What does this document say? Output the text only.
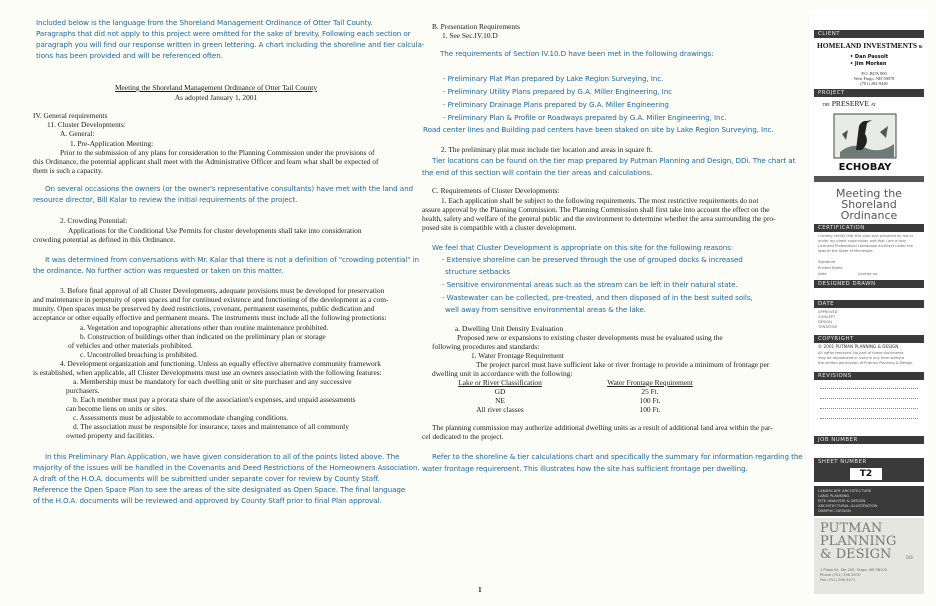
Included below is the language from the Shoreland Management Ordinance of Otter Tail County.
Paragraphs that did not apply to this project were omitted for the sake of brevity. Following each section or
paragraph you will find our response written in green lettering. A chart including the shoreline and tier calcula-
tions has been provided and will be referenced often.
Meeting the Shoreland Management Ordinance of Otter Tail County
As adopted January 1, 2001
IV. General requirements
11. Cluster Developments:
A. General:
1. Pre-Application Meeting:
Prior to the submission of any plans for consideration to the Planning Commission under the provisions of
this Ordinance, the potential applicant shall meet with the Administrative Officer and learn what shall be expected of
them is such a capacity.
On several occasions the owners (or the owner's representative consultants) have met with the land and
resource director, Bill Kalar to review the initial requirements of the project.
2. Crowding Potential:
Applications for the Conditional Use Permits for cluster developments shall take into consideration
crowding potential as defined in this Ordinance.
It was determined from conversations with Mr. Kalar that there is not a definition of "crowding potential" in
the ordinance. No further action was requested or taken on this matter.
3. Before final approval of all Cluster Developments, adequate provisions must be developed for preservation
and maintenance in perpetuity of open spaces and for continued existence and functioning of the development as a com-
munity. Open spaces must be preserved by deed restrictions, covenant, permanent easements, public dedication and
acceptance or other equally effective and permanent means. The instruments must include all the following protections:
a. Vegetation and topographic alterations other than routine maintenance prohibited.
b. Construction of buildings other than indicated on the preliminary plan or storage
of vehicles and other materials prohibited.
c. Uncontrolled breaching is prohibited.
4. Development organization and functioning. Unless an equally effective alternative community framework
is established, when applicable, all Cluster Developments must use an owners association with the following features:
a. Membership must be mandatory for each dwelling unit or site purchaser and any successive
purchasers.
b. Each member must pay a prorata share of the association's expenses, and unpaid assessments
can become liens on units or sites.
c. Assessments must be adjustable to accommodate changing conditions.
d. The association must be responsible for insurance, taxes and maintenance of all commonly
owned property and facilities.
In this Preliminary Plan Application, we have given consideration to all of the points listed above. The
majority of the issues will be handled in the Covenants and Deed Restrictions of the Homeowners Association.
A draft of the H.O.A. documents will be submitted under separate cover for review by County Staff.
Reference the Open Space Plan to see the areas of the site designated as Open Space. The final language
of the H.O.A. documents will be reviewed and approved by County Staff prior to final Plan approval.
B. Presentation Requirements
1. See Sec.IV.10.D
The requirements of Section IV.10.D have been met in the following drawings:
- Preliminary Plat Plan prepared by Lake Region Surveying, Inc.
- Preliminary Utility Plans prepared by G.A. Miller Engineering, Inc
- Preliminary Drainage Plans prepared by G.A. Miller Engineering
- Preliminary Plan & Profile or Roadways prepared by G.A. Miller Engineering, Inc.
Road center lines and Building pad centers have been staked on site by Lake Region Surveying, Inc.
2. The preliminary plat must include tier location and areas in square ft.
Tier locations can be found on the tier map prepared by Putman Planning and Design, DDi. The chart at
the end of this section will contain the tier areas and calculations.
C. Requirements of Cluster Developments:
1. Each application shall be subject to the following requirements. The most restrictive requirements do not
assure approval by the Planning Commission. The Planning Commission shall first take into account the effect on the
health, safety and welfare of the general public and the environment to determine whether the area surrounding the pro-
posed site is compatible with a cluster development.
We feel that Cluster Development is appropriate on this site for the following reasons:
- Extensive shoreline can be preserved through the use of grouped docks & increased
structure setbacks
- Sensitive environmental areas such as the stream can be left in their natural state.
- Wastewater can be collected, pre-treated, and then disposed of in the best suited soils,
well away from sensitive environmental areas & the lake.
a. Dwelling Unit Density Evaluation
Proposed new or expansions to existing cluster developments must be evaluated using the
following procedures and standards:
1. Water Frontage Requirement
The project parcel must have sufficient lake or river frontage to provide a minimum of frontage per
dwelling unit in accordance with the following:
Lake or River Classification	Water Frontage Requirement
GD	25 Ft.
NE	100 Ft.
All river classes	100 Ft.
The planning commission may authorize additional dwelling units as a result of additional land area within the par-
cel dedicated to the project.
Refer to the shoreline & tier calculations chart and specifically the summary for information regarding the
water frontage requirement. This illustrates how the site has sufficient frontage per dwelling.
1
CLIENT
HOMELAND INVESTMENTS llc
• Dan Passolt
• Jim Morken
P.O. BOX 800
West Fargo, ND 58078
(701) 282-9440
PROJECT
THE PRESERVE AT
ECHOBAY
Meeting the
Shoreland
Ordinance
CERTIFICATION
I hereby certify that this plan was prepared by me or
under my direct supervision and that I am a duly
Licensed Professional Landscape Architect under the
laws of the State of Minnesota
Signature
Printed Name
Date	License no.
DESIGNED DRAWN
DATE
APPROVED
CONCEPT
DESIGN
TENTATIVE
COPYRIGHT
© 2001 PUTMAN PLANNING & DESIGN
All rights reserved. No part of these documents
may be reproduced or used in any form without
the written permission of Putman Planning & Design.
REVISIONS
JOB NUMBER
SHEET NUMBER
T2
LANDSCAPE ARCHITECTURE
LAND PLANNING
SITE ANALYSIS & DESIGN
ARCHITECTURAL ILLUSTRATION
GRAPHIC DESIGN
PUTMAN
PLANNING
& DESIGN	DDi
1 Plaza Dr, Ste 205, Fargo, ND 58103
Phone (701) 298-3070
Fax (701) 298-3071
